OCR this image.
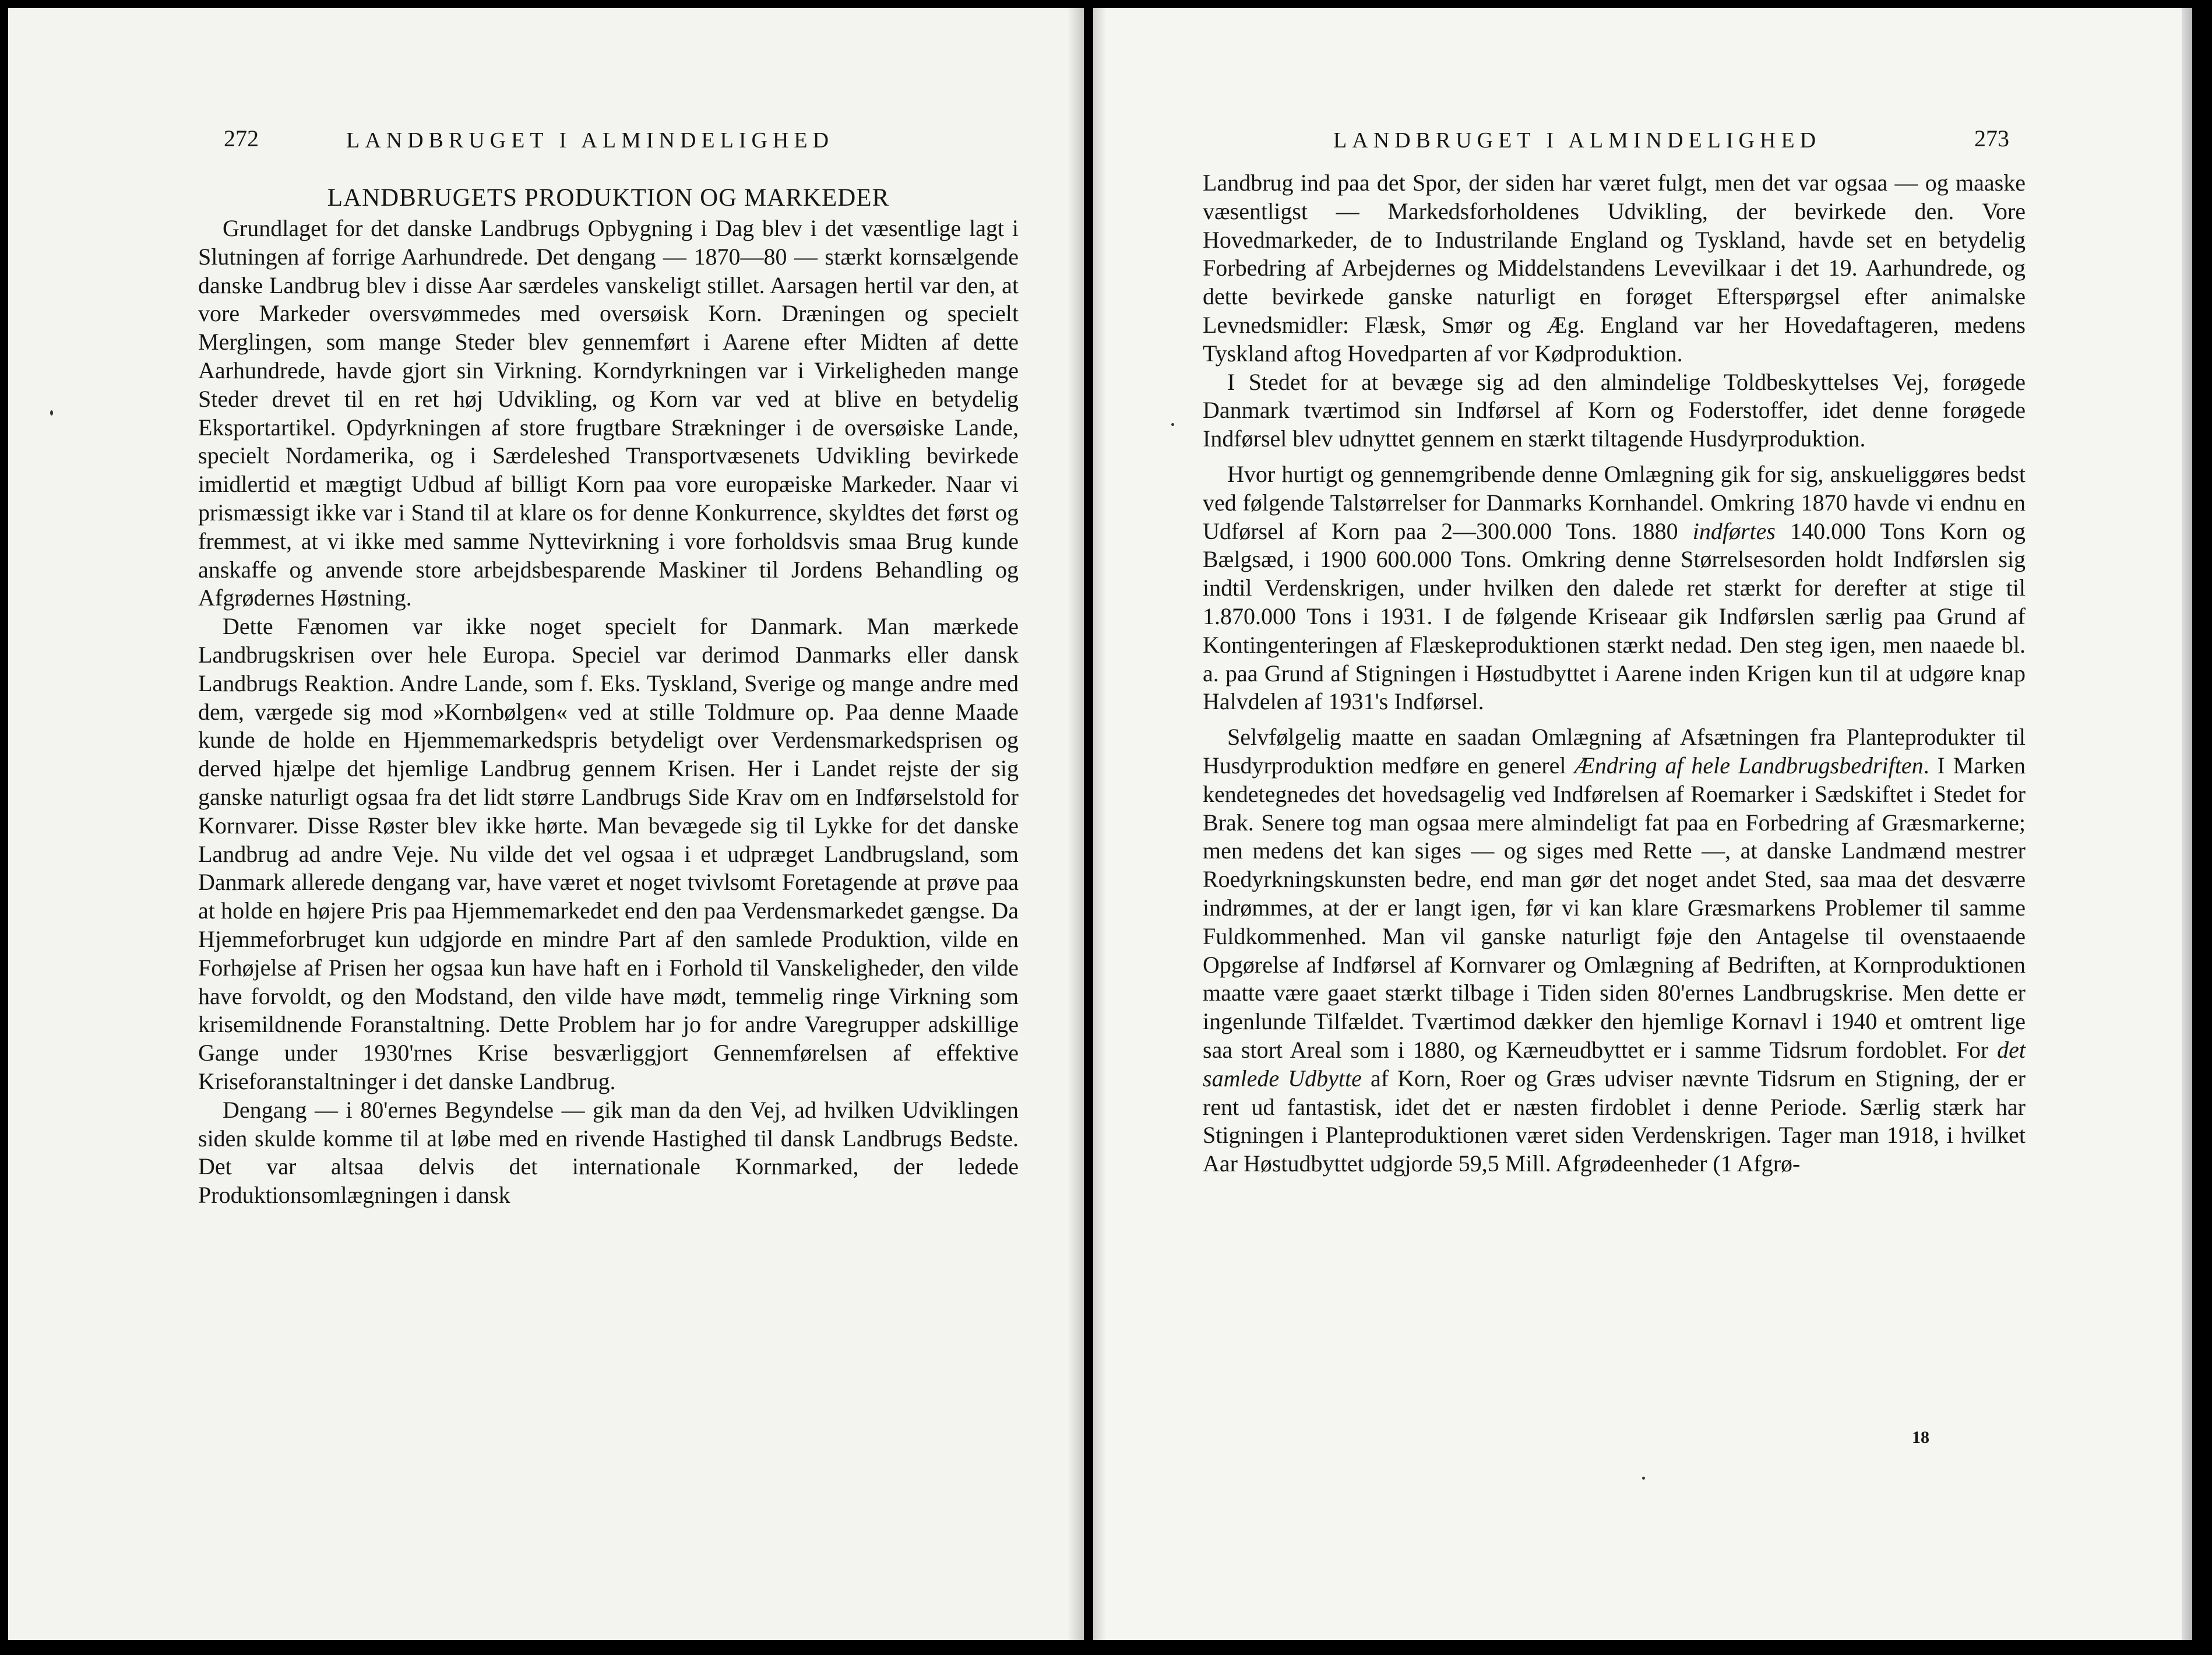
272	LANDBRUGET I ALMINDELIGHED
LANDBRUGETS PRODUKTION OG MARKEDER

Grundlaget for det danske Landbrugs Opbygning i Dag blev i det væsentlige lagt i Slutningen af forrige Aarhundrede. Det dengang — 1870—80 — stærkt kornsælgende danske Landbrug blev i disse Aar særdeles vanskeligt stillet. Aarsagen hertil var den, at vore Markeder oversvømmedes med oversøisk Korn. Dræningen og specielt Merglingen, som mange Steder blev gennemført i Aarene efter Midten af dette Aarhundrede, havde gjort sin Virkning. Korndyrkningen var i Virkeligheden mange Steder drevet til en ret høj Udvikling, og Korn var ved at blive en betydelig Eksportartikel. Opdyrkningen af store frugtbare Strækninger i de oversøiske Lande, specielt Nordamerika, og i Særdeleshed Transportvæsenets Udvikling bevirkede imidlertid et mægtigt Udbud af billigt Korn paa vore europæiske Markeder. Naar vi prismæssigt ikke var i Stand til at klare os for denne Konkurrence, skyldtes det først og fremmest, at vi ikke med samme Nyttevirkning i vore forholdsvis smaa Brug kunde anskaffe og anvende store arbejdsbesparende Maskiner til Jordens Behandling og Afgrødernes Høstning.

Dette Fænomen var ikke noget specielt for Danmark. Man mærkede Landbrugskrisen over hele Europa. Speciel var derimod Danmarks eller dansk Landbrugs Reaktion. Andre Lande, som f. Eks. Tyskland, Sverige og mange andre med dem, værgede sig mod »Kornbølgen« ved at stille Toldmure op. Paa denne Maade kunde de holde en Hjemmemarkedspris betydeligt over Verdensmarkedsprisen og derved hjælpe det hjemlige Landbrug gennem Krisen. Her i Landet rejste der sig ganske naturligt ogsaa fra det lidt større Landbrugs Side Krav om en Indførselstold for Kornvarer. Disse Røster blev ikke hørte. Man bevægede sig til Lykke for det danske Landbrug ad andre Veje. Nu vilde det vel ogsaa i et udpræget Landbrugsland, som Danmark allerede dengang var, have været et noget tvivlsomt Foretagende at prøve paa at holde en højere Pris paa Hjemmemarkedet end den paa Verdensmarkedet gængse. Da Hjemmeforbruget kun udgjorde en mindre Part af den samlede Produktion, vilde en Forhøjelse af Prisen her ogsaa kun have haft en i Forhold til Vanskeligheder, den vilde have forvoldt, og den Modstand, den vilde have mødt, temmelig ringe Virkning som krisemildnende Foranstaltning. Dette Problem har jo for andre Varegrupper adskillige Gange under 1930'rnes Krise besværliggjort Gennemførelsen af effektive Kriseforanstaltninger i det danske Landbrug.

Dengang — i 80'ernes Begyndelse — gik man da den Vej, ad hvilken Udviklingen siden skulde komme til at løbe med en rivende Hastighed til dansk Landbrugs Bedste. Det var altsaa delvis det internationale Kornmarked, der ledede Produktionsomlægningen i dansk

LANDBRUGET I ALMINDELIGHED	273

Landbrug ind paa det Spor, der siden har været fulgt, men det var ogsaa — og maaske væsentligst — Markedsforholdenes Udvikling, der bevirkede den. Vore Hovedmarkeder, de to Industrilande England og Tyskland, havde set en betydelig Forbedring af Arbejdernes og Middelstandens Levevilkaar i det 19. Aarhundrede, og dette bevirkede ganske naturligt en forøget Efterspørgsel efter animalske Levnedsmidler: Flæsk, Smør og Æg. England var her Hovedaftageren, medens Tyskland aftog Hovedparten af vor Kødproduktion.

I Stedet for at bevæge sig ad den almindelige Toldbeskyttelses Vej, forøgede Danmark tværtimod sin Indførsel af Korn og Foderstoffer, idet denne forøgede Indførsel blev udnyttet gennem en stærkt tiltagende Husdyrproduktion.

Hvor hurtigt og gennemgribende denne Omlægning gik for sig, anskueliggøres bedst ved følgende Talstørrelser for Danmarks Kornhandel. Omkring 1870 havde vi endnu en Udførsel af Korn paa 2—300.000 Tons. 1880 indførtes 140.000 Tons Korn og Bælgsæd, i 1900 600.000 Tons. Omkring denne Størrelsesorden holdt Indførslen sig indtil Verdenskrigen, under hvilken den dalede ret stærkt for derefter at stige til 1.870.000 Tons i 1931. I de følgende Kriseaar gik Indførslen særlig paa Grund af Kontingenteringen af Flæskeproduktionen stærkt nedad. Den steg igen, men naaede bl. a. paa Grund af Stigningen i Høstudbyttet i Aarene inden Krigen kun til at udgøre knap Halvdelen af 1931's Indførsel.

Selvfølgelig maatte en saadan Omlægning af Afsætningen fra Planteprodukter til Husdyrproduktion medføre en generel Ændring af hele Landbrugsbedriften. I Marken kendetegnedes det hovedsagelig ved Indførelsen af Roemarker i Sædskiftet i Stedet for Brak. Senere tog man ogsaa mere almindeligt fat paa en Forbedring af Græsmarkerne; men medens det kan siges — og siges med Rette —, at danske Landmænd mestrer Roedyrkningskunsten bedre, end man gør det noget andet Sted, saa maa det desværre indrømmes, at der er langt igen, før vi kan klare Græsmarkens Problemer til samme Fuldkommenhed. Man vil ganske naturligt føje den Antagelse til ovenstaaende Opgørelse af Indførsel af Kornvarer og Omlægning af Bedriften, at Kornproduktionen maatte være gaaet stærkt tilbage i Tiden siden 80'ernes Landbrugskrise. Men dette er ingenlunde Tilfældet. Tværtimod dækker den hjemlige Kornavl i 1940 et omtrent lige saa stort Areal som i 1880, og Kærneudbyttet er i samme Tidsrum fordoblet. For det samlede Udbytte af Korn, Roer og Græs udviser nævnte Tidsrum en Stigning, der er rent ud fantastisk, idet det er næsten firdoblet i denne Periode. Særlig stærk har Stigningen i Planteproduktionen været siden Verdenskrigen. Tager man 1918, i hvilket Aar Høstudbyttet udgjorde 59,5 Mill. Afgrødeenheder (1 Afgrø-

18
